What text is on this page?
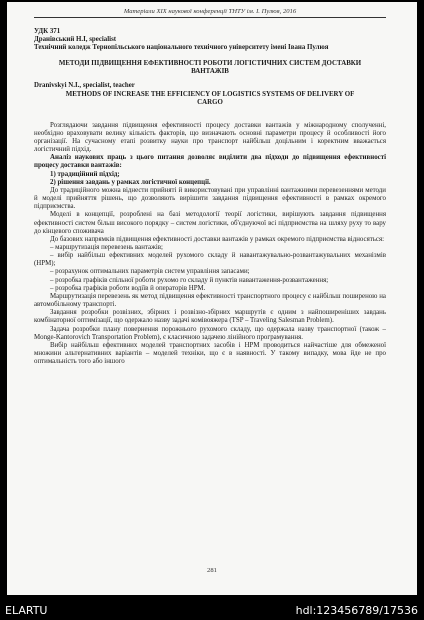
Матеріали XIX наукової конференції ТНТУ ім. І. Пулюя, 2016
УДК 371
Дранівський Н.І, specialist
Технічний коледж Тернопільського національного технічного університету імені Івана Пулюя
МЕТОДИ ПІДВИЩЕННЯ ЕФЕКТИВНОСТІ РОБОТИ ЛОГІСТИЧНИХ СИСТЕМ ДОСТАВКИ ВАНТАЖІВ
Dranivskyi N.I., specialist, teacher
METHODS OF INCREASE THE EFFICIENCY OF LOGISTICS SYSTEMS OF DELIVERY OF CARGO

Розглядаючи завдання підвищення ефективності процесу доставки вантажів у міжнародному сполученні, необхідно враховувати велику кількість факторів, що визначають основні параметри процесу й особливості його організації. На сучасному етапі розвитку науки про транспорт найбільш доцільним і коректним вважається логістичний підхід.

Аналіз наукових праць з цього питання дозволяє виділити два підходи до підвищення ефективності процесу доставки вантажів:

1) традиційний підхід;

2) рішення завдань у рамках логістичної концепції.

До традиційного можна віднести прийняті й використовувані при управлінні вантажними перевезеннями методи й моделі прийняття рішень, що дозволяють вирішити завдання підвищення ефективності в рамках окремого підприємства.

Моделі в концепції, розроблені на базі методології теорії логістики, вирішують завдання підвищення ефективності систем більш високого порядку – систем логістики, об'єднуючої всі підприємства на шляху руху то вару до кінцевого споживача

До базових напрямків підвищення ефективності доставки вантажів у рамках окремого підприємства відносяться:

– маршрутизація перевезень вантажів;

– вибір найбільш ефективних моделей рухомого складу й навантажувально-розвантажувальних механізмів (НРМ);

– розрахунок оптимальних параметрів систем управління запасами;

– розробка графіків спільної роботи рухомо го складу й пунктів навантаження-розвантаження;

– розробка графіків роботи водіїв й операторів НРМ.

Маршрутизація перевезень як метод підвищення ефективності транспортного процесу є найбільш поширеною на автомобільному транспорті.

Завдання розробки розвізних, збірних і розвізно-збірних маршрутів є одним з найпоширеніших завдань комбінаторної оптимізації, що одержало назву задачі комівояжера (TSP – Traveling Salesman Problem).

Задача розробки плану повернення порожнього рухомого складу, що одержала назву транспортної (також – Monge-Kantorovich Transportation Problem), є класичною задачею лінійного програмування.

Вибір найбільш ефективних моделей транспортних засобів і НРМ проводиться найчастіше для обмеженої множини альтернативних варіантів – моделей техніки, що є в наявності. У такому випадку, мова йде не про оптимальність того або іншого

281
ELARTU	hdl:123456789/17536
